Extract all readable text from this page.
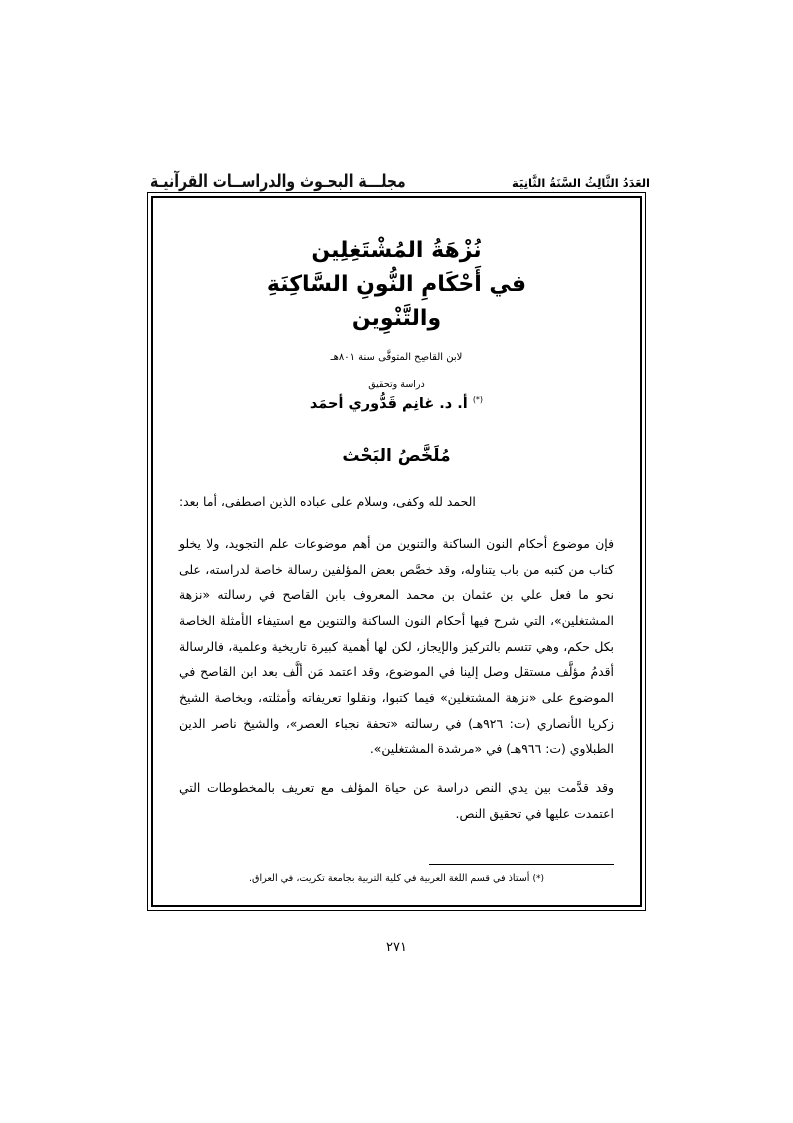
مجلـــة البحـوث والدراســات القرآنيـة	العَدَدُ الثَّالِثُ السَّنَةُ الثَّانِيَة
نُزْهَةُ المُشْتَغِلِين
في أَحْكَامِ النُّونِ السَّاكِنَةِ والتَّنْوِين
لابن القاصِح المتوفَّى سنة ٨٠١هـ
دراسة وتحقيق
(*) أ. د. غانِم قَدُّوري أحمَد
مُلَخَّصُ البَحْث

الحمد لله وكفى، وسلام على عباده الذين اصطفى، أما بعد:

فإن موضوع أحكام النون الساكنة والتنوين من أهم موضوعات علم التجويد، ولا يخلو كتاب من كتبه من باب يتناوله، وقد خصَّص بعض المؤلفين رسالة خاصة لدراسته، على نحو ما فعل علي بن عثمان بن محمد المعروف بابن القاصح في رسالته «نزهة المشتغلين»، التي شرح فيها أحكام النون الساكنة والتنوين مع استيفاء الأمثلة الخاصة بكل حكم، وهي تتسم بالتركيز والإيجاز، لكن لها أهمية كبيرة تاريخية وعلمية، فالرسالة أقدمُ مؤلَّف مستقل وصل إلينا في الموضوع، وقد اعتمد مَن ألَّف بعد ابن القاصح في الموضوع على «نزهة المشتغلين» فيما كتبوا، ونقلوا تعريفاته وأمثلته، وبخاصة الشيخ زكريا الأنصاري (ت: ٩٢٦هـ) في رسالته «تحفة نجباء العصر»، والشيخ ناصر الدين الطبلاوي (ت: ٩٦٦هـ) في «مرشدة المشتغلين».

وقد قدَّمت بين يدي النص دراسة عن حياة المؤلف مع تعريف بالمخطوطات التي اعتمدت عليها في تحقيق النص.

(*) أستاذ في قسم اللغة العربية في كلية التربية بجامعة تكريت، في العراق.
٢٧١
